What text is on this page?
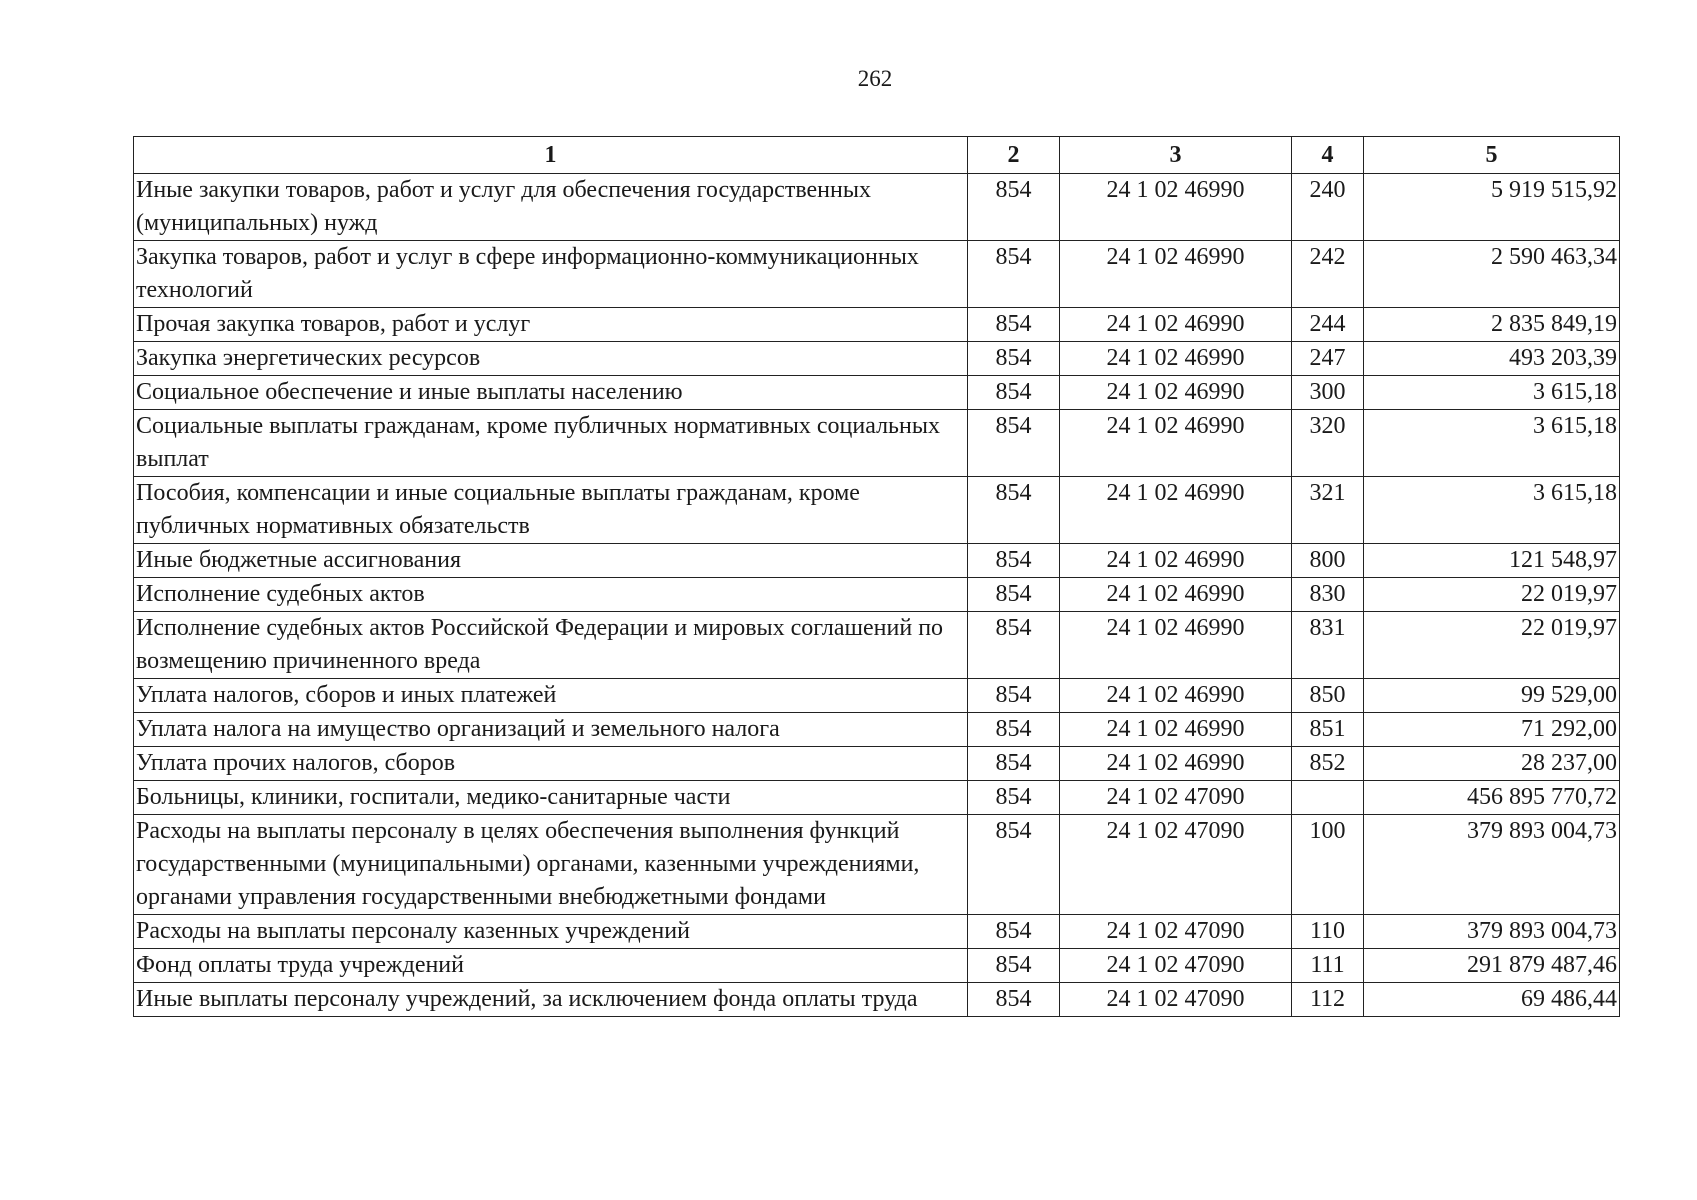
262
1	2	3	4	5
Иные закупки товаров, работ и услуг для обеспечения государственных (муниципальных) нужд	854	24 1 02 46990	240	5 919 515,92
Закупка товаров, работ и услуг в сфере информационно-коммуникационных технологий	854	24 1 02 46990	242	2 590 463,34
Прочая закупка товаров, работ и услуг	854	24 1 02 46990	244	2 835 849,19
Закупка энергетических ресурсов	854	24 1 02 46990	247	493 203,39
Социальное обеспечение и иные выплаты населению	854	24 1 02 46990	300	3 615,18
Социальные выплаты гражданам, кроме публичных нормативных социальных выплат	854	24 1 02 46990	320	3 615,18
Пособия, компенсации и иные социальные выплаты гражданам, кроме публичных нормативных обязательств	854	24 1 02 46990	321	3 615,18
Иные бюджетные ассигнования	854	24 1 02 46990	800	121 548,97
Исполнение судебных актов	854	24 1 02 46990	830	22 019,97
Исполнение судебных актов Российской Федерации и мировых соглашений по возмещению причиненного вреда	854	24 1 02 46990	831	22 019,97
Уплата налогов, сборов и иных платежей	854	24 1 02 46990	850	99 529,00
Уплата налога на имущество организаций и земельного налога	854	24 1 02 46990	851	71 292,00
Уплата прочих налогов, сборов	854	24 1 02 46990	852	28 237,00
Больницы, клиники, госпитали, медико-санитарные части	854	24 1 02 47090		456 895 770,72
Расходы на выплаты персоналу в целях обеспечения выполнения функций государственными (муниципальными) органами, казенными учреждениями, органами управления государственными внебюджетными фондами	854	24 1 02 47090	100	379 893 004,73
Расходы на выплаты персоналу казенных учреждений	854	24 1 02 47090	110	379 893 004,73
Фонд оплаты труда учреждений	854	24 1 02 47090	111	291 879 487,46
Иные выплаты персоналу учреждений, за исключением фонда оплаты труда	854	24 1 02 47090	112	69 486,44
